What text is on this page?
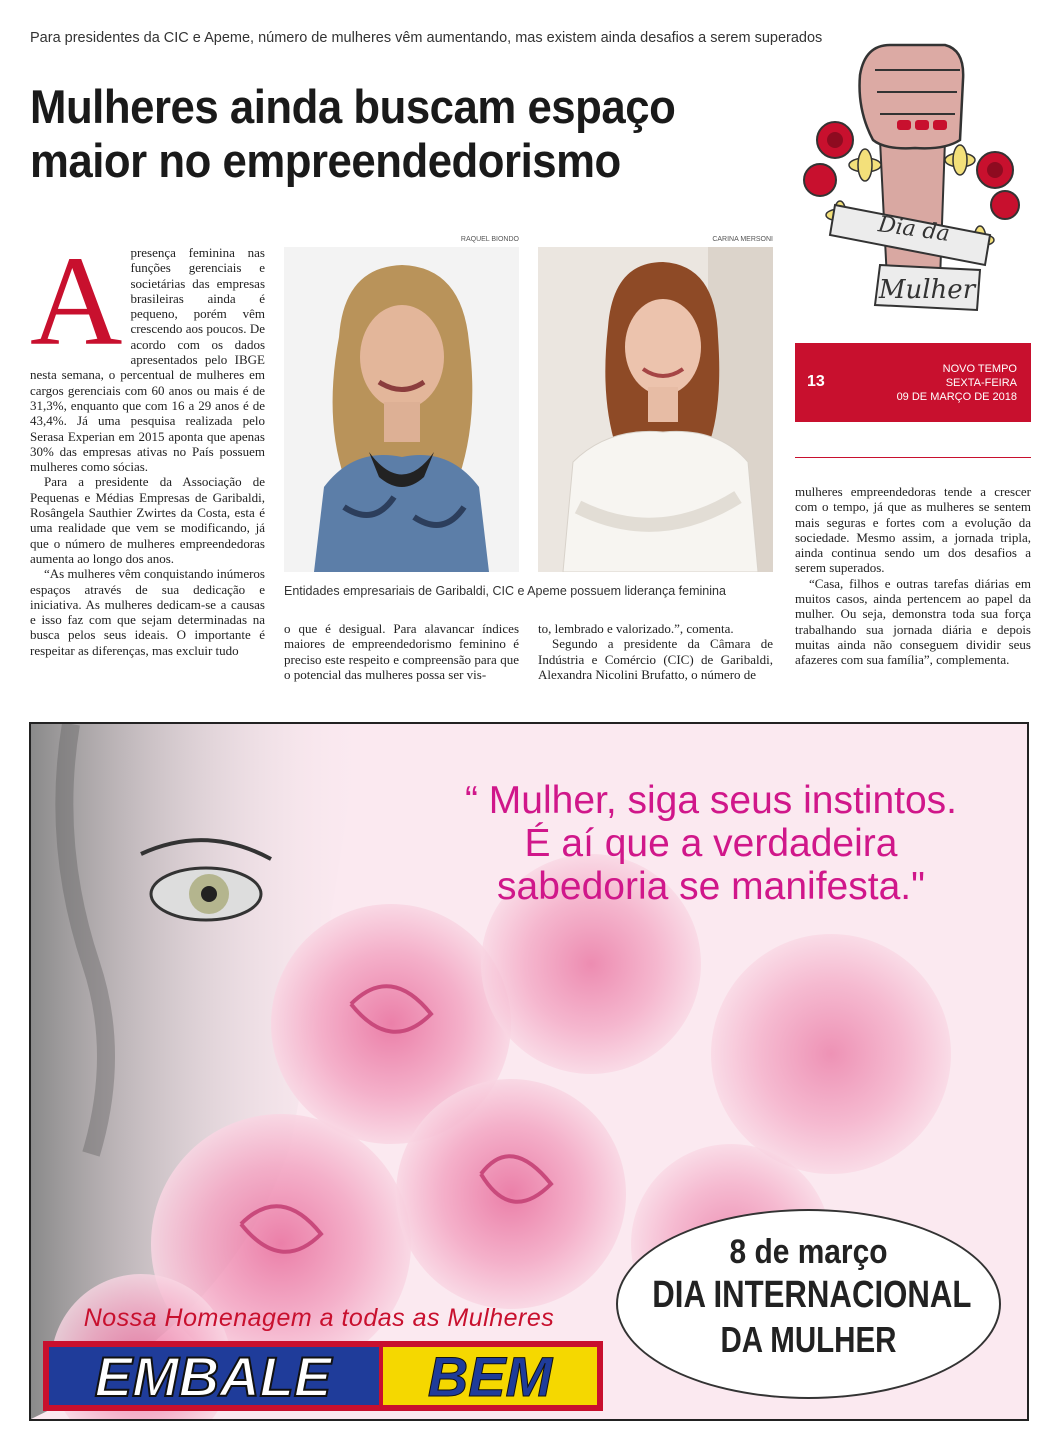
Para presidentes da CIC e Apeme, número de mulheres vêm aumentando, mas existem ainda desafios a serem superados
Mulheres ainda buscam espaço
maior no empreendedorismo
Dia da
Mulher
13
NOVO TEMPO
SEXTA-FEIRA
09 DE MARÇO DE 2018
A presença feminina nas funções gerenciais e societárias das empresas brasileiras ainda é pequeno, porém vêm crescendo aos poucos. De acordo com os dados apresentados pelo IBGE nesta semana, o percentual de mulheres em cargos gerenciais com 60 anos ou mais é de 31,3%, enquanto que com 16 a 29 anos é de 43,4%. Já uma pesquisa realizada pelo Serasa Experian em 2015 aponta que apenas 30% das empresas ativas no País possuem mulheres como sócias.

Para a presidente da Associação de Pequenas e Médias Empresas de Garibaldi, Rosângela Sauthier Zwirtes da Costa, esta é uma realidade que vem se modificando, já que o número de mulheres empreendedoras aumenta ao longo dos anos.

“As mulheres vêm conquistando inúmeros espaços através de sua dedicação e iniciativa. As mulheres dedicam-se a causas e isso faz com que sejam determinadas na busca pelos seus ideais. O importante é respeitar as diferenças, mas excluir tudo

RAQUEL BIONDO	CARINA MERSONI
Entidades empresariais de Garibaldi, CIC e Apeme possuem liderança feminina

o que é desigual. Para alavancar índices maiores de empreendedorismo feminino é preciso este respeito e compreensão para que o potencial das mulheres possa ser vis-

to, lembrado e valorizado.”, comenta.

Segundo a presidente da Câmara de Indústria e Comércio (CIC) de Garibaldi, Alexandra Nicolini Brufatto, o número de

mulheres empreendedoras tende a crescer com o tempo, já que as mulheres se sentem mais seguras e fortes com a evolução da sociedade. Mesmo assim, a jornada tripla, ainda continua sendo um dos desafios a serem superados.

“Casa, filhos e outras tarefas diárias em muitos casos, ainda pertencem ao papel da mulher. Ou seja, demonstra toda sua força trabalhando sua jornada diária e depois muitas ainda não conseguem dividir seus afazeres com sua família”, complementa.

“ Mulher, siga seus instintos.
É aí que a verdadeira
sabedoria se manifesta."
8 de março
DIA INTERNACIONAL
DA MULHER
Nossa Homenagem a todas as Mulheres
EMBALE BEM
